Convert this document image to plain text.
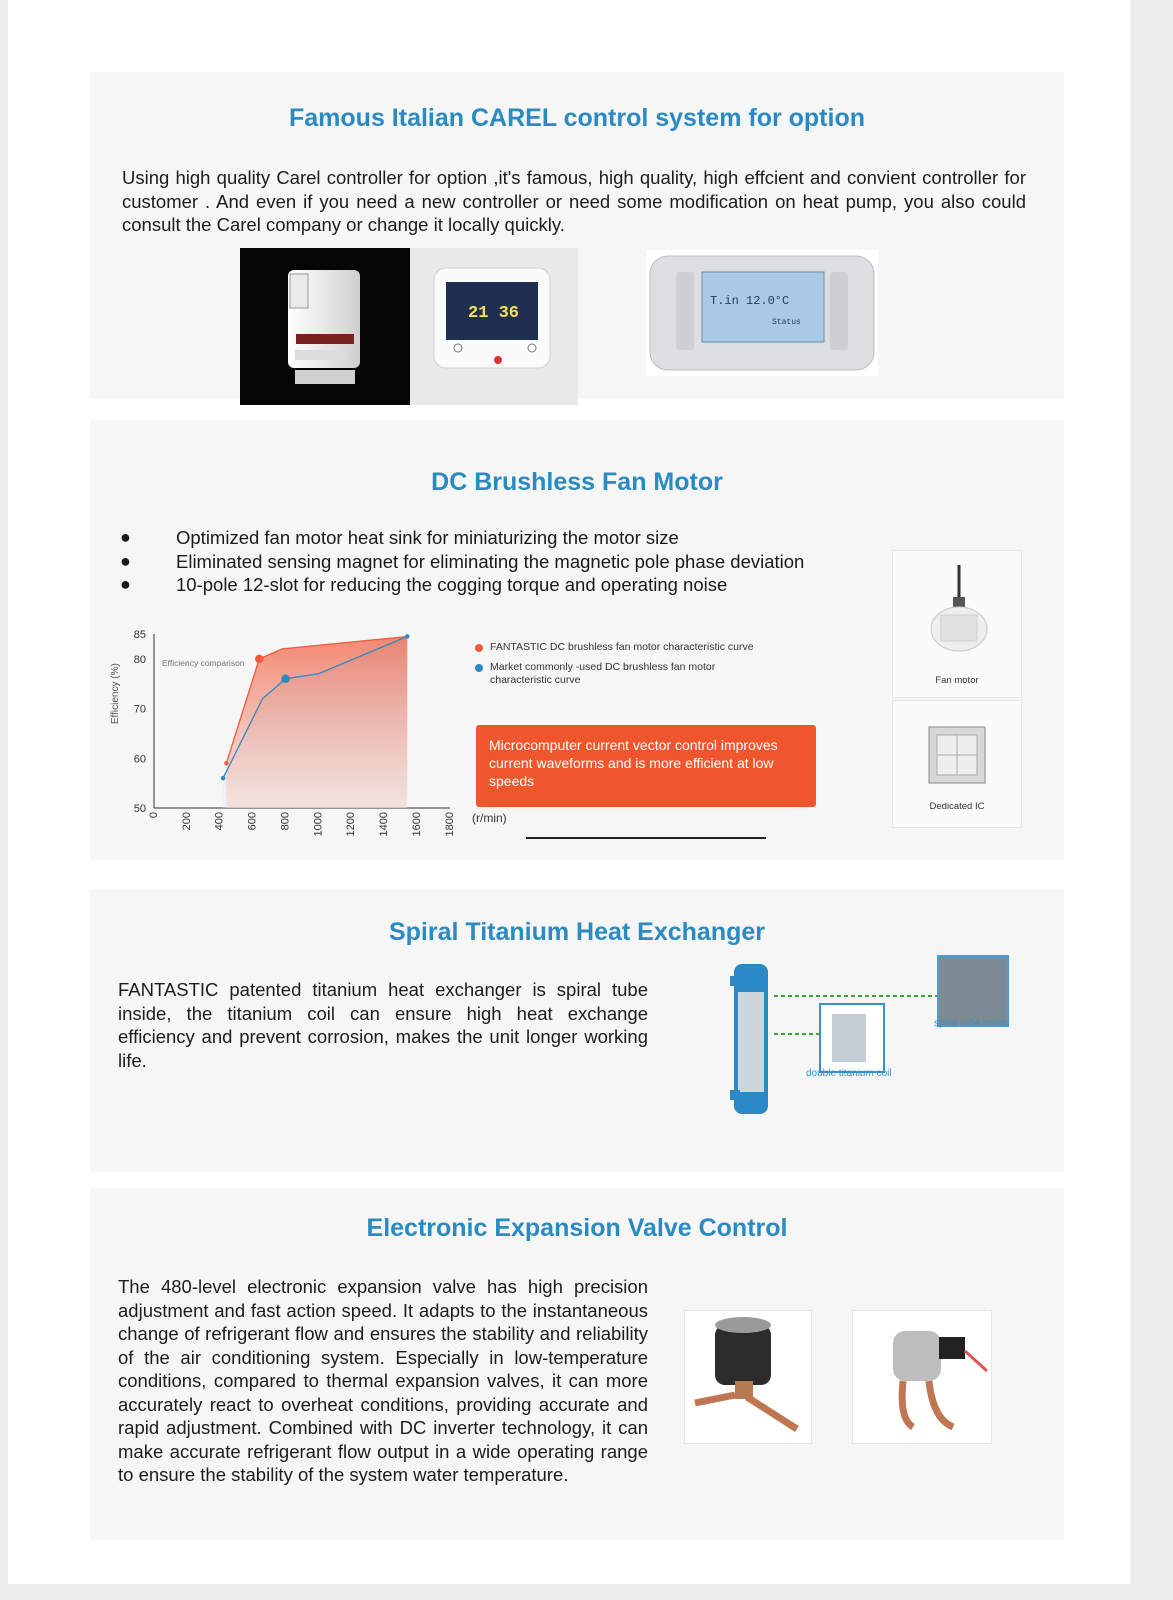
Famous Italian CAREL control system for option
Using high quality Carel controller for option ,it's famous, high quality, high effcient and convient controller for customer . And even if you need a new controller or need some modification on heat pump, you also could consult the Carel company or change it locally quickly.
21 36
T.in 12.0°C
Status
DC Brushless Fan Motor
●	Optimized fan motor heat sink for miniaturizing the motor size
●	Eliminated sensing magnet for eliminating the magnetic pole phase deviation
●	10-pole 12-slot for reducing the cogging torque and operating noise
50
60
70
80
85
0 200 400 600 800 1000 1200 1400 1600 1800 (r/min)
Efficiency (%)
Efficiency comparison
FANTASTIC DC brushless fan motor characteristic curve
Market commonly -used DC brushless fan motor characteristic curve
Microcomputer current vector control improves current waveforms and is more efficient at low speeds
Fan motor
Dedicated IC
Spiral Titanium Heat Exchanger
FANTASTIC patented titanium heat exchanger is spiral tube inside, the titanium coil can ensure high heat exchange efficiency and prevent corrosion, makes the unit longer working life.
double titanium coil
spiral tube inside
Electronic Expansion Valve Control
The 480-level electronic expansion valve has high precision adjustment and fast action speed. It adapts to the instantaneous change of refrigerant flow and ensures the stability and reliability of the air conditioning system. Especially in low-temperature conditions, compared to thermal expansion valves, it can more accurately react to overheat conditions, providing accurate and rapid adjustment. Combined with DC inverter technology, it can make accurate refrigerant flow output in a wide operating range to ensure the stability of the system water temperature.
